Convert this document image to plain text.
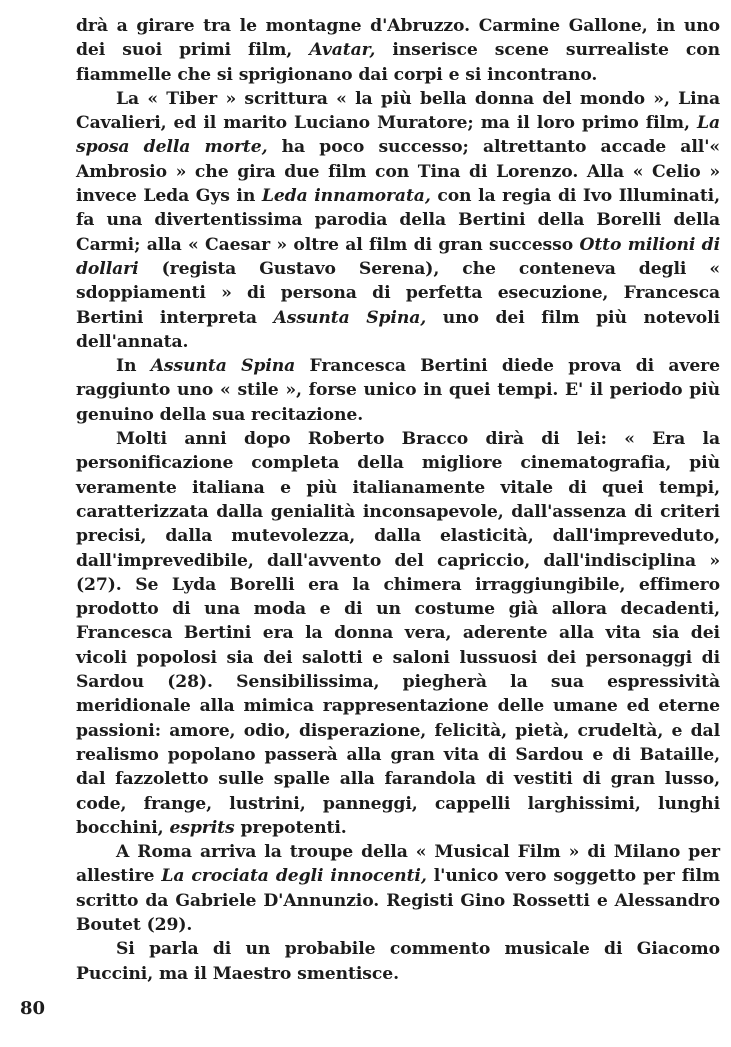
drà a girare tra le montagne d'Abruzzo. Carmine Gallone, in uno dei suoi primi film, Avatar, inserisce scene surrealiste con fiammelle che si sprigionano dai corpi e si incontrano.

La « Tiber » scrittura « la più bella donna del mondo », Lina Cavalieri, ed il marito Luciano Muratore; ma il loro primo film, La sposa della morte, ha poco successo; altrettanto accade all'« Ambrosio » che gira due film con Tina di Lorenzo. Alla « Celio » invece Leda Gys in Leda innamorata, con la regia di Ivo Illuminati, fa una divertentissima parodia della Bertini della Borelli della Carmi; alla « Caesar » oltre al film di gran successo Otto milioni di dollari (regista Gustavo Serena), che conteneva degli « sdoppiamenti » di persona di perfetta esecuzione, Francesca Bertini interpreta Assunta Spina, uno dei film più notevoli dell'annata.

In Assunta Spina Francesca Bertini diede prova di avere raggiunto uno « stile », forse unico in quei tempi. E' il periodo più genuino della sua recitazione.

Molti anni dopo Roberto Bracco dirà di lei: « Era la personificazione completa della migliore cinematografia, più veramente italiana e più italianamente vitale di quei tempi, caratterizzata dalla genialità inconsapevole, dall'assenza di criteri precisi, dalla mutevolezza, dalla elasticità, dall'impreveduto, dall'imprevedibile, dall'avvento del capriccio, dall'indisciplina » (27). Se Lyda Borelli era la chimera irraggiungibile, effimero prodotto di una moda e di un costume già allora decadenti, Francesca Bertini era la donna vera, aderente alla vita sia dei vicoli popolosi sia dei salotti e saloni lussuosi dei personaggi di Sardou (28). Sensibilissima, piegherà la sua espressività meridionale alla mimica rappresentazione delle umane ed eterne passioni: amore, odio, disperazione, felicità, pietà, crudeltà, e dal realismo popolano passerà alla gran vita di Sardou e di Bataille, dal fazzoletto sulle spalle alla farandola di vestiti di gran lusso, code, frange, lustrini, panneggi, cappelli larghissimi, lunghi bocchini, esprits prepotenti.

A Roma arriva la troupe della « Musical Film » di Milano per allestire La crociata degli innocenti, l'unico vero soggetto per film scritto da Gabriele D'Annunzio. Registi Gino Rossetti e Alessandro Boutet (29).

Si parla di un probabile commento musicale di Giacomo Puccini, ma il Maestro smentisce.

80
